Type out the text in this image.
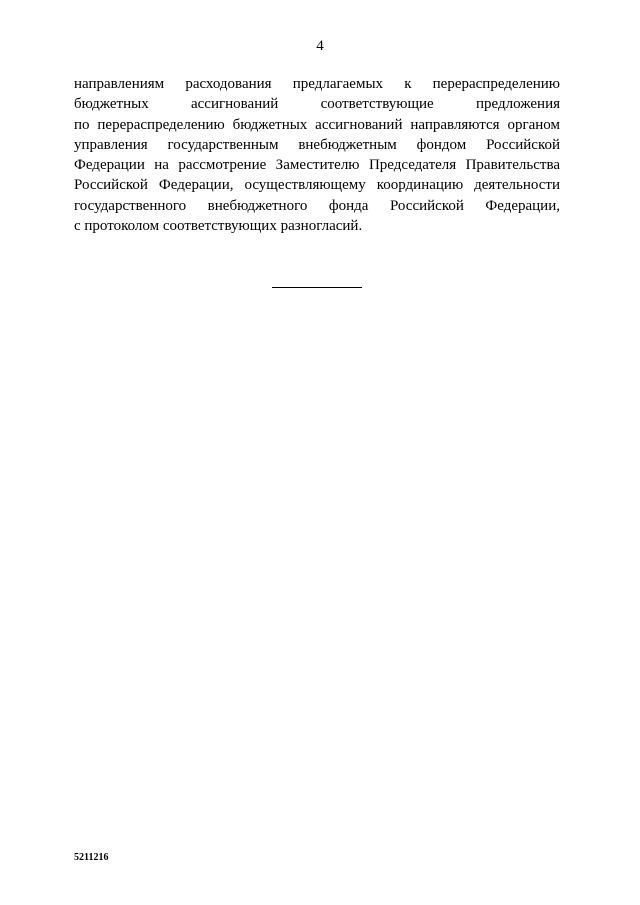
4
направлениям расходования предлагаемых к перераспределению
бюджетных ассигнований соответствующие предложения
по перераспределению бюджетных ассигнований направляются органом
управления государственным внебюджетным фондом Российской
Федерации на рассмотрение Заместителю Председателя Правительства
Российской Федерации, осуществляющему координацию деятельности
государственного внебюджетного фонда Российской Федерации,
с протоколом соответствующих разногласий.
5211216
